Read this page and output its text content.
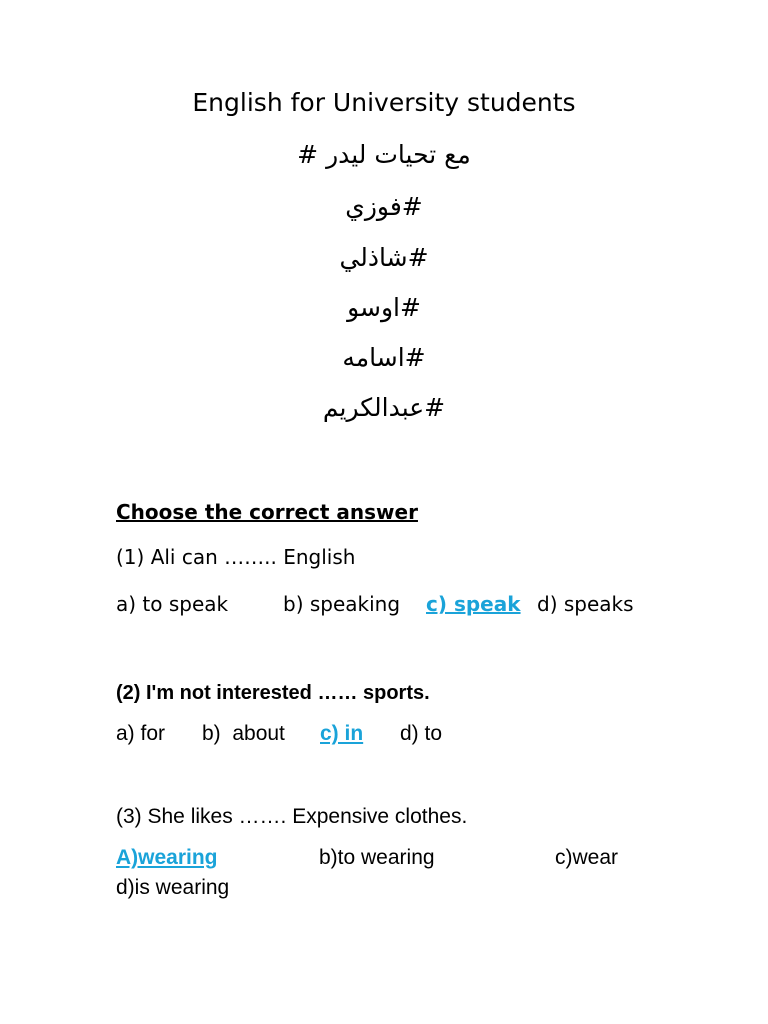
English for University students
مع تحيات ليدر #
#فوزي
#شاذلي
#اوسو
#اسامه
#عبدالكريم
Choose the correct answer
(1) Ali can …….. English
a) to speak	b) speaking c) speak d) speaks
(2) I'm not interested …… sports.
a) for b)  about c) in d) to
(3) She likes ……. Expensive clothes.
A)wearing	b)to wearing	c)wear
d)is wearing
